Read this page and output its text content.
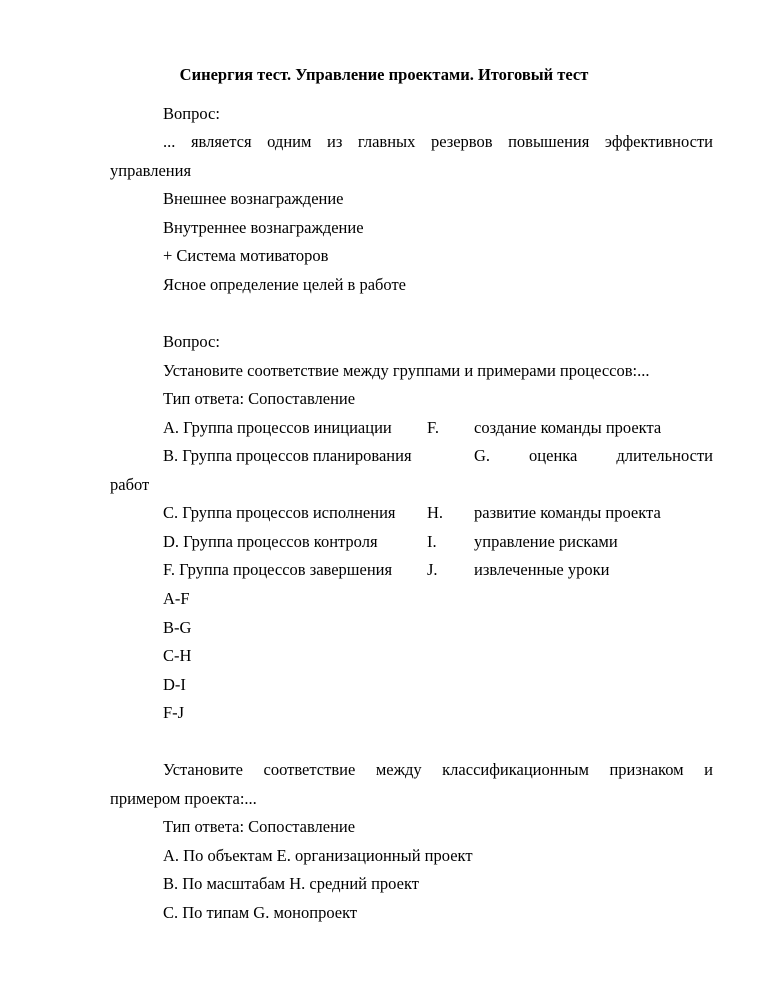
Синергия тест. Управление проектами. Итоговый тест
Вопрос:
... является одним из главных резервов повышения эффективности
управления
Внешнее вознаграждение
Внутреннее вознаграждение
+ Система мотиваторов
Ясное определение целей в работе
Вопрос:
Установите соответствие между группами и примерами процессов:...
Тип ответа: Сопоставление
A. Группа процессов инициации F. создание команды проекта
B. Группа процессов планирования	G. оценка длительности
работ
C. Группа процессов исполнения H. развитие команды проекта
D. Группа процессов контроля	I. управление рисками
F. Группа процессов завершения J. извлеченные уроки
A-F
B-G
C-H
D-I
F-J
Установите соответствие между классификационным признаком и
примером проекта:...
Тип ответа: Сопоставление
A. По объектам E. организационный проект
B. По масштабам H. средний проект
C. По типам G. монопроект
